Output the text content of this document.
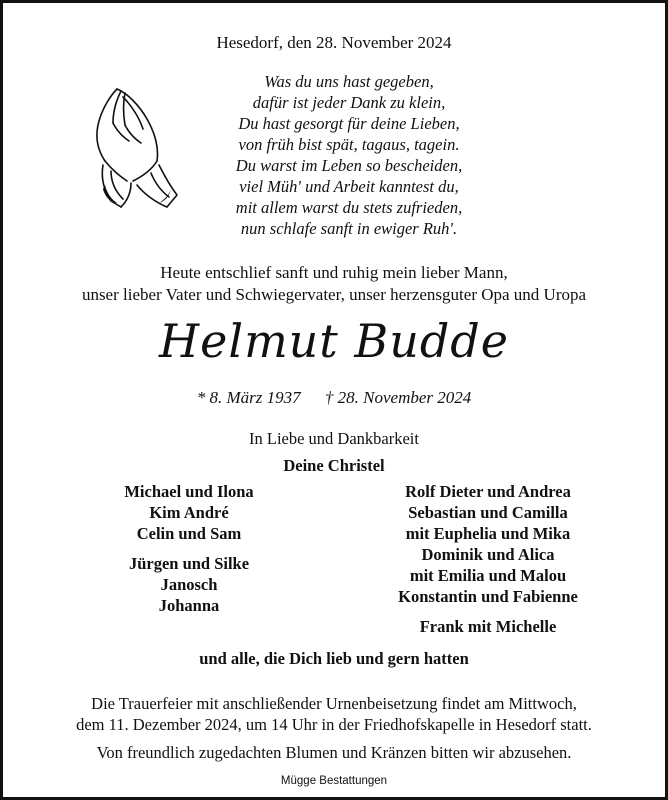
Hesedorf, den 28. November 2024
Was du uns hast gegeben,
dafür ist jeder Dank zu klein,
Du hast gesorgt für deine Lieben,
von früh bist spät, tagaus, tagein.
Du warst im Leben so bescheiden,
viel Müh' und Arbeit kanntest du,
mit allem warst du stets zufrieden,
nun schlafe sanft in ewiger Ruh'.
Heute entschlief sanft und ruhig mein lieber Mann,
unser lieber Vater und Schwiegervater, unser herzensguter Opa und Uropa
Helmut Budde
* 8. März 1937 † 28. November 2024
In Liebe und Dankbarkeit
Deine Christel
Michael und Ilona
Kim André
Celin und Sam
Jürgen und Silke
Janosch
Johanna
Rolf Dieter und Andrea
Sebastian und Camilla
mit Euphelia und Mika
Dominik und Alica
mit Emilia und Malou
Konstantin und Fabienne
Frank mit Michelle
und alle, die Dich lieb und gern hatten
Die Trauerfeier mit anschließender Urnenbeisetzung findet am Mittwoch,
dem 11. Dezember 2024, um 14 Uhr in der Friedhofskapelle in Hesedorf statt.
Von freundlich zugedachten Blumen und Kränzen bitten wir abzusehen.
Mügge Bestattungen
